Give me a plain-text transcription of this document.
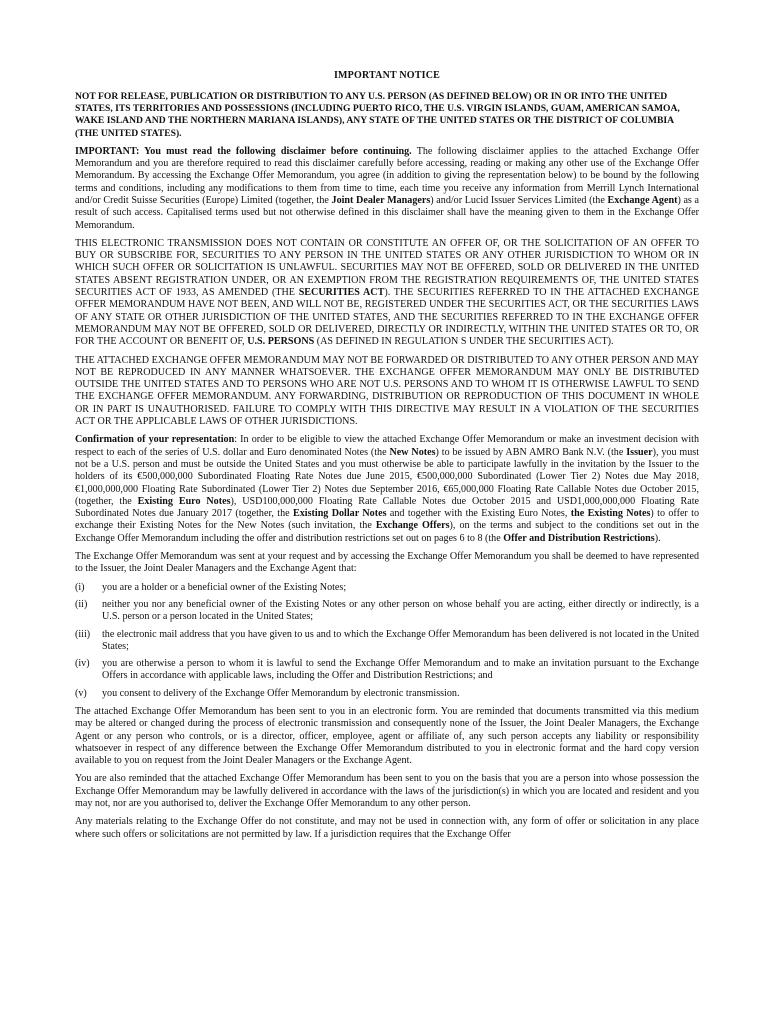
IMPORTANT NOTICE

NOT FOR RELEASE, PUBLICATION OR DISTRIBUTION TO ANY U.S. PERSON (AS DEFINED BELOW) OR IN OR INTO THE UNITED STATES, ITS TERRITORIES AND POSSESSIONS (INCLUDING PUERTO RICO, THE U.S. VIRGIN ISLANDS, GUAM, AMERICAN SAMOA, WAKE ISLAND AND THE NORTHERN MARIANA ISLANDS), ANY STATE OF THE UNITED STATES OR THE DISTRICT OF COLUMBIA (THE UNITED STATES).

IMPORTANT: You must read the following disclaimer before continuing. The following disclaimer applies to the attached Exchange Offer Memorandum and you are therefore required to read this disclaimer carefully before accessing, reading or making any other use of the Exchange Offer Memorandum. By accessing the Exchange Offer Memorandum, you agree (in addition to giving the representation below) to be bound by the following terms and conditions, including any modifications to them from time to time, each time you receive any information from Merrill Lynch International and/or Credit Suisse Securities (Europe) Limited (together, the Joint Dealer Managers) and/or Lucid Issuer Services Limited (the Exchange Agent) as a result of such access. Capitalised terms used but not otherwise defined in this disclaimer shall have the meaning given to them in the Exchange Offer Memorandum.

THIS ELECTRONIC TRANSMISSION DOES NOT CONTAIN OR CONSTITUTE AN OFFER OF, OR THE SOLICITATION OF AN OFFER TO BUY OR SUBSCRIBE FOR, SECURITIES TO ANY PERSON IN THE UNITED STATES OR ANY OTHER JURISDICTION TO WHOM OR IN WHICH SUCH OFFER OR SOLICITATION IS UNLAWFUL. SECURITIES MAY NOT BE OFFERED, SOLD OR DELIVERED IN THE UNITED STATES ABSENT REGISTRATION UNDER, OR AN EXEMPTION FROM THE REGISTRATION REQUIREMENTS OF, THE UNITED STATES SECURITIES ACT OF 1933, AS AMENDED (THE SECURITIES ACT). THE SECURITIES REFERRED TO IN THE ATTACHED EXCHANGE OFFER MEMORANDUM HAVE NOT BEEN, AND WILL NOT BE, REGISTERED UNDER THE SECURITIES ACT, OR THE SECURITIES LAWS OF ANY STATE OR OTHER JURISDICTION OF THE UNITED STATES, AND THE SECURITIES REFERRED TO IN THE EXCHANGE OFFER MEMORANDUM MAY NOT BE OFFERED, SOLD OR DELIVERED, DIRECTLY OR INDIRECTLY, WITHIN THE UNITED STATES OR TO, OR FOR THE ACCOUNT OR BENEFIT OF, U.S. PERSONS (AS DEFINED IN REGULATION S UNDER THE SECURITIES ACT).

THE ATTACHED EXCHANGE OFFER MEMORANDUM MAY NOT BE FORWARDED OR DISTRIBUTED TO ANY OTHER PERSON AND MAY NOT BE REPRODUCED IN ANY MANNER WHATSOEVER. THE EXCHANGE OFFER MEMORANDUM MAY ONLY BE DISTRIBUTED OUTSIDE THE UNITED STATES AND TO PERSONS WHO ARE NOT U.S. PERSONS AND TO WHOM IT IS OTHERWISE LAWFUL TO SEND THE EXCHANGE OFFER MEMORANDUM. ANY FORWARDING, DISTRIBUTION OR REPRODUCTION OF THIS DOCUMENT IN WHOLE OR IN PART IS UNAUTHORISED. FAILURE TO COMPLY WITH THIS DIRECTIVE MAY RESULT IN A VIOLATION OF THE SECURITIES ACT OR THE APPLICABLE LAWS OF OTHER JURISDICTIONS.

Confirmation of your representation: In order to be eligible to view the attached Exchange Offer Memorandum or make an investment decision with respect to each of the series of U.S. dollar and Euro denominated Notes (the New Notes) to be issued by ABN AMRO Bank N.V. (the Issuer), you must not be a U.S. person and must be outside the United States and you must otherwise be able to participate lawfully in the invitation by the Issuer to the holders of its €500,000,000 Subordinated Floating Rate Notes due June 2015, €500,000,000 Subordinated (Lower Tier 2) Notes due May 2018, €1,000,000,000 Floating Rate Subordinated (Lower Tier 2) Notes due September 2016, €65,000,000 Floating Rate Callable Notes due October 2015, (together, the Existing Euro Notes), USD100,000,000 Floating Rate Callable Notes due October 2015 and USD1,000,000,000 Floating Rate Subordinated Notes due January 2017 (together, the Existing Dollar Notes and together with the Existing Euro Notes, the Existing Notes) to offer to exchange their Existing Notes for the New Notes (such invitation, the Exchange Offers), on the terms and subject to the conditions set out in the Exchange Offer Memorandum including the offer and distribution restrictions set out on pages 6 to 8 (the Offer and Distribution Restrictions).

The Exchange Offer Memorandum was sent at your request and by accessing the Exchange Offer Memorandum you shall be deemed to have represented to the Issuer, the Joint Dealer Managers and the Exchange Agent that:

(i)	you are a holder or a beneficial owner of the Existing Notes;
(ii)	neither you nor any beneficial owner of the Existing Notes or any other person on whose behalf you are acting, either directly or indirectly, is a U.S. person or a person located in the United States;
(iii)	the electronic mail address that you have given to us and to which the Exchange Offer Memorandum has been delivered is not located in the United States;
(iv)	you are otherwise a person to whom it is lawful to send the Exchange Offer Memorandum and to make an invitation pursuant to the Exchange Offers in accordance with applicable laws, including the Offer and Distribution Restrictions; and
(v)	you consent to delivery of the Exchange Offer Memorandum by electronic transmission.

The attached Exchange Offer Memorandum has been sent to you in an electronic form. You are reminded that documents transmitted via this medium may be altered or changed during the process of electronic transmission and consequently none of the Issuer, the Joint Dealer Managers, the Exchange Agent or any person who controls, or is a director, officer, employee, agent or affiliate of, any such person accepts any liability or responsibility whatsoever in respect of any difference between the Exchange Offer Memorandum distributed to you in electronic format and the hard copy version available to you on request from the Joint Dealer Managers or the Exchange Agent.

You are also reminded that the attached Exchange Offer Memorandum has been sent to you on the basis that you are a person into whose possession the Exchange Offer Memorandum may be lawfully delivered in accordance with the laws of the jurisdiction(s) in which you are located and resident and you may not, nor are you authorised to, deliver the Exchange Offer Memorandum to any other person.

Any materials relating to the Exchange Offer do not constitute, and may not be used in connection with, any form of offer or solicitation in any place where such offers or solicitations are not permitted by law. If a jurisdiction requires that the Exchange Offer
